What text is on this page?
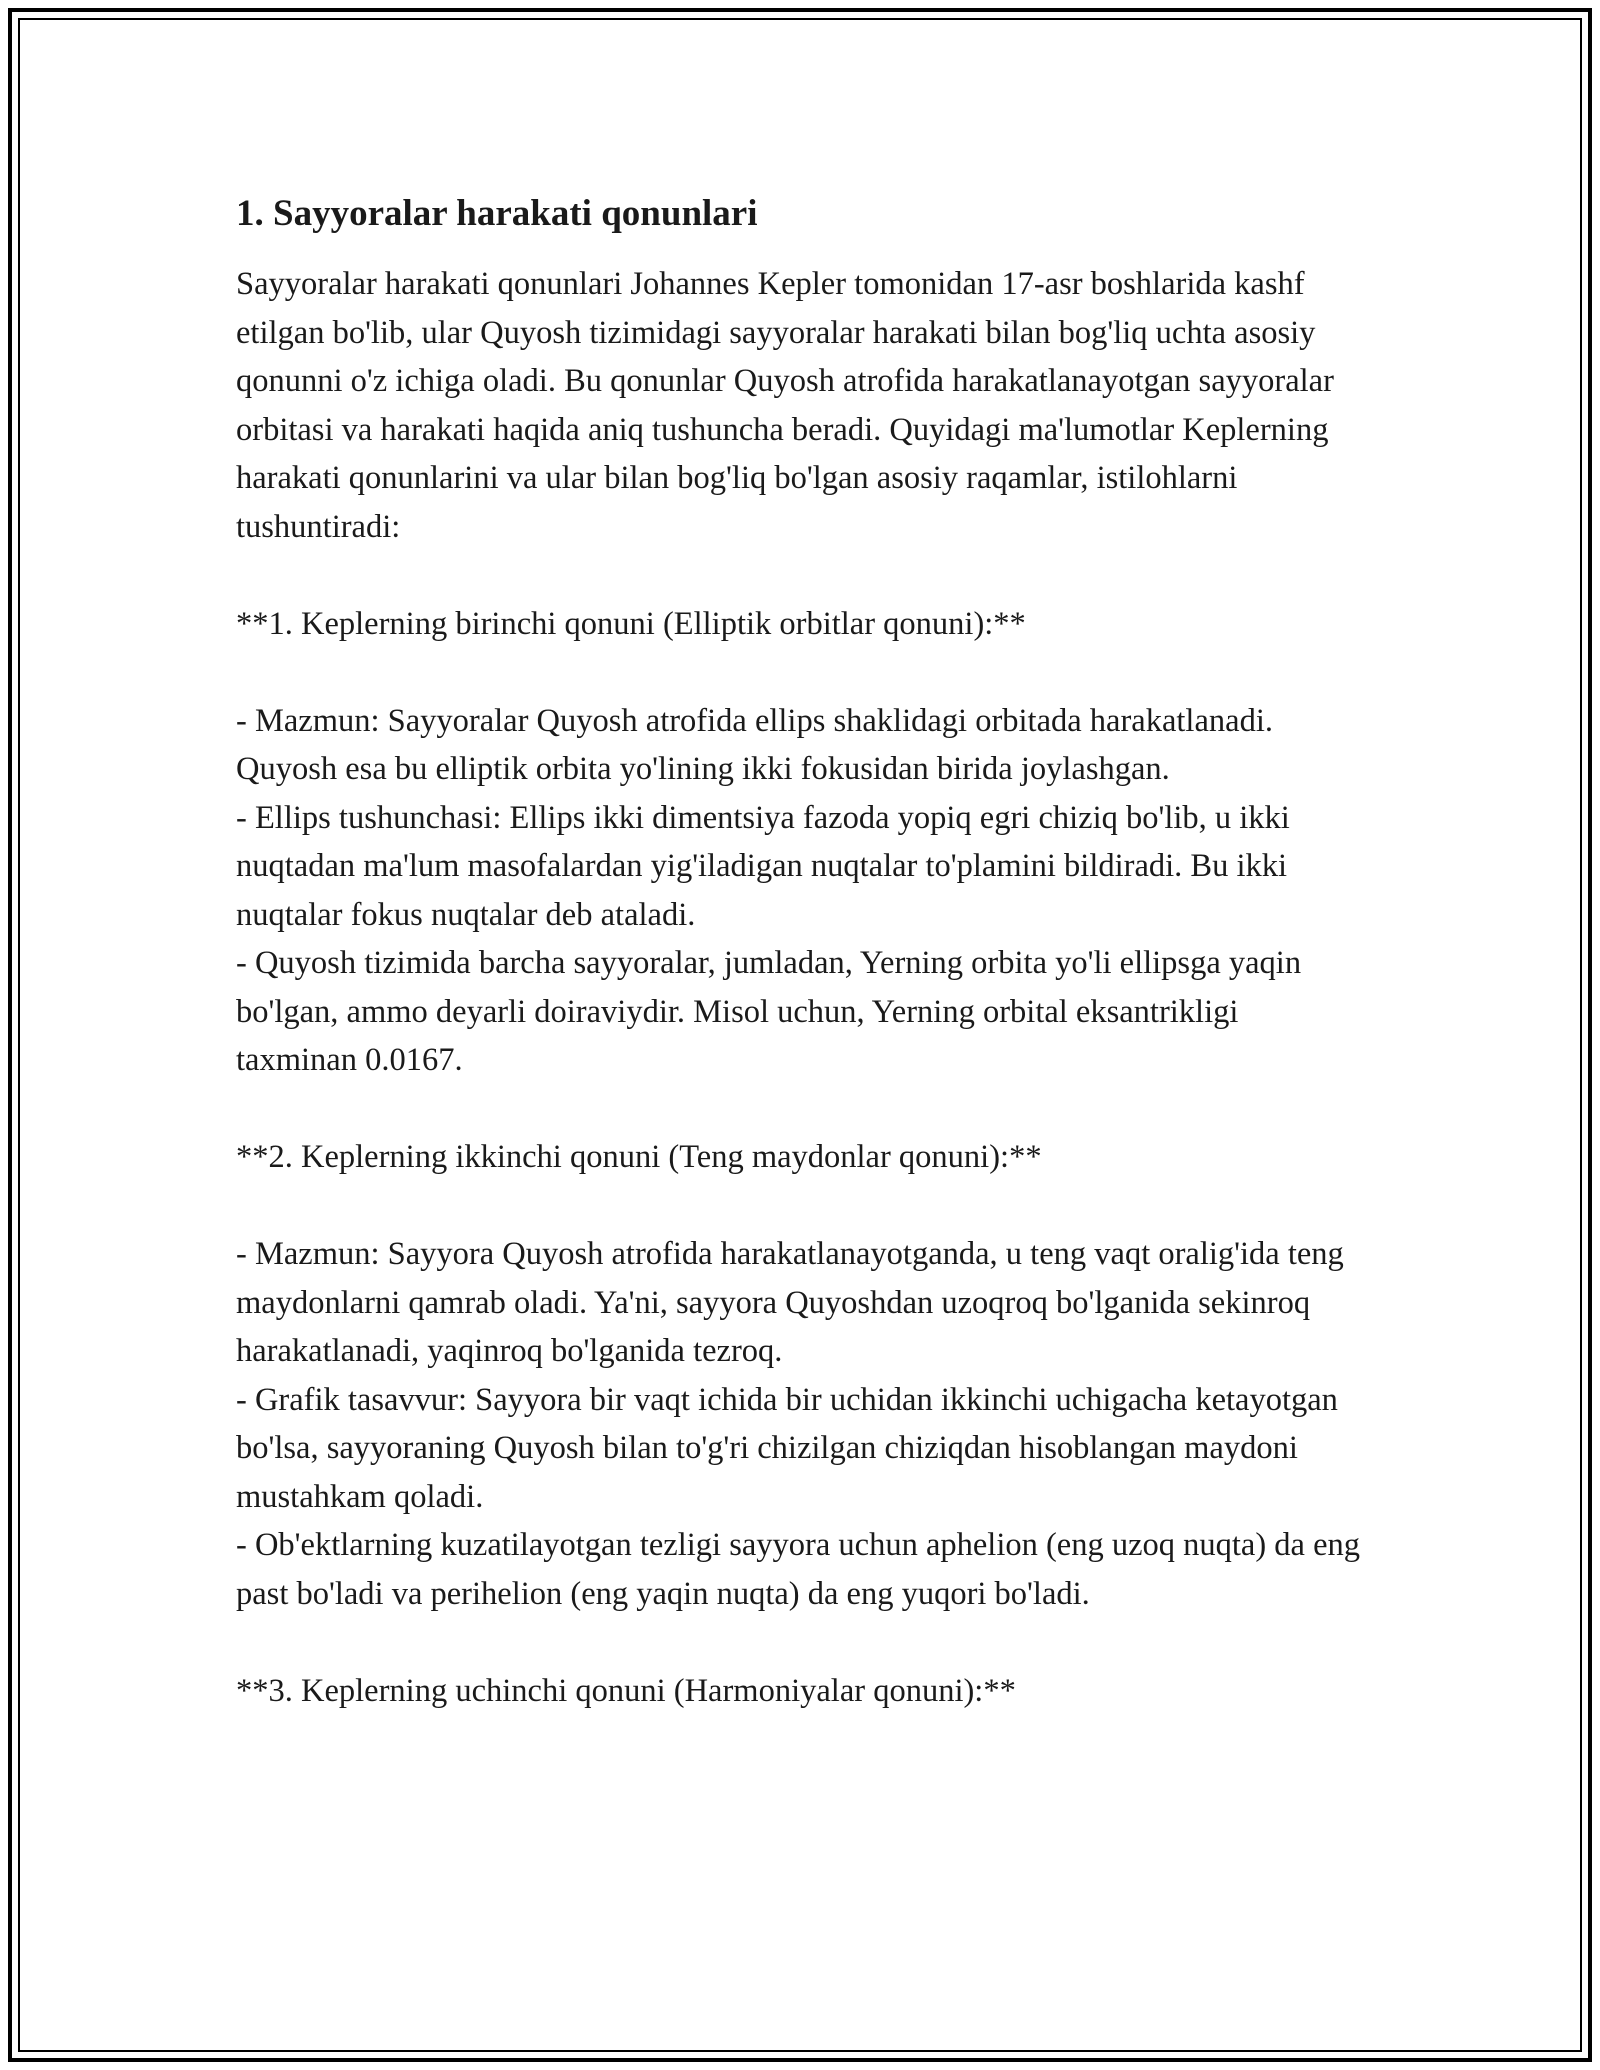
1. Sayyoralar harakati qonunlari

Sayyoralar harakati qonunlari Johannes Kepler tomonidan 17-asr boshlarida kashf etilgan bo'lib, ular Quyosh tizimidagi sayyoralar harakati bilan bog'liq uchta asosiy qonunni o'z ichiga oladi. Bu qonunlar Quyosh atrofida harakatlanayotgan sayyoralar orbitasi va harakati haqida aniq tushuncha beradi. Quyidagi ma'lumotlar Keplerning harakati qonunlarini va ular bilan bog'liq bo'lgan asosiy raqamlar, istilohlarni tushuntiradi:

**1. Keplerning birinchi qonuni (Elliptik orbitlar qonuni):**

- Mazmun: Sayyoralar Quyosh atrofida ellips shaklidagi orbitada harakatlanadi. Quyosh esa bu elliptik orbita yo'lining ikki fokusidan birida joylashgan.

- Ellips tushunchasi: Ellips ikki dimentsiya fazoda yopiq egri chiziq bo'lib, u ikki nuqtadan ma'lum masofalardan yig'iladigan nuqtalar to'plamini bildiradi. Bu ikki nuqtalar fokus nuqtalar deb ataladi.

- Quyosh tizimida barcha sayyoralar, jumladan, Yerning orbita yo'li ellipsga yaqin bo'lgan, ammo deyarli doiraviydir. Misol uchun, Yerning orbital eksantrikligi taxminan 0.0167.

**2. Keplerning ikkinchi qonuni (Teng maydonlar qonuni):**

- Mazmun: Sayyora Quyosh atrofida harakatlanayotganda, u teng vaqt oralig'ida teng maydonlarni qamrab oladi. Ya'ni, sayyora Quyoshdan uzoqroq bo'lganida sekinroq harakatlanadi, yaqinroq bo'lganida tezroq.

- Grafik tasavvur: Sayyora bir vaqt ichida bir uchidan ikkinchi uchigacha ketayotgan bo'lsa, sayyoraning Quyosh bilan to'g'ri chizilgan chiziqdan hisoblangan maydoni mustahkam qoladi.

- Ob'ektlarning kuzatilayotgan tezligi sayyora uchun aphelion (eng uzoq nuqta) da eng past bo'ladi va perihelion (eng yaqin nuqta) da eng yuqori bo'ladi.

**3. Keplerning uchinchi qonuni (Harmoniyalar qonuni):**
